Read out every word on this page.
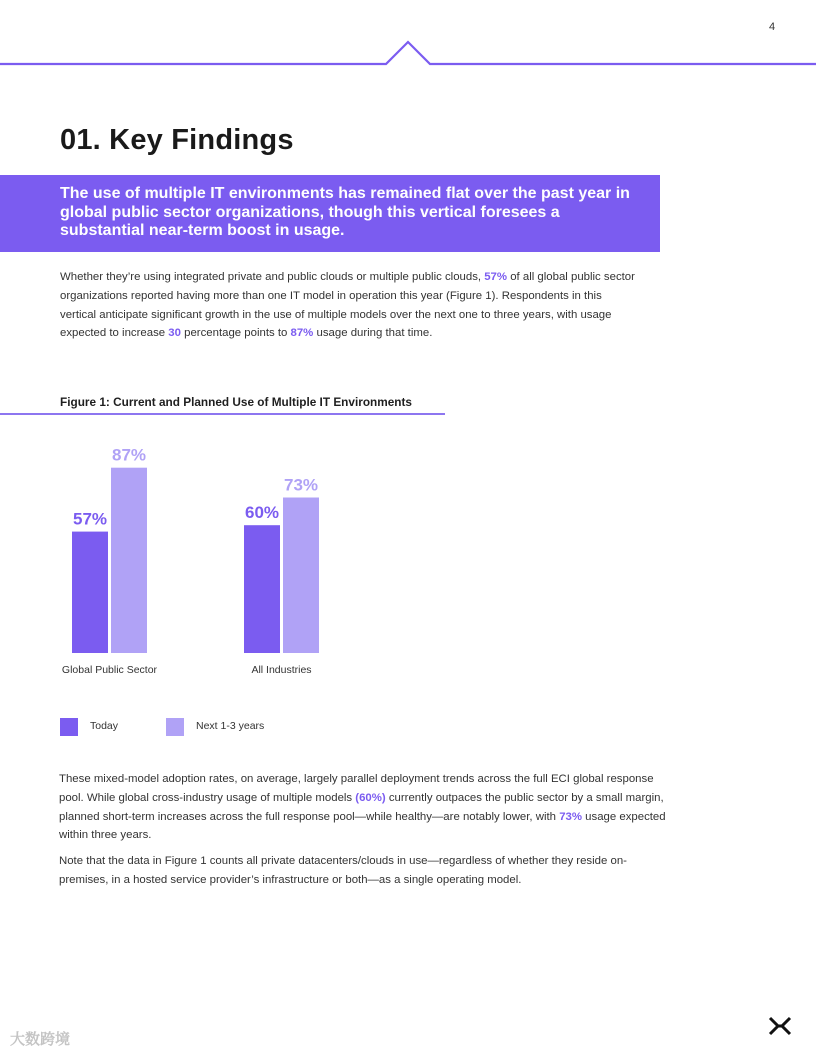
4
01. Key Findings
The use of multiple IT environments has remained flat over the past year in global public sector organizations, though this vertical foresees a substantial near-term boost in usage.

Whether they’re using integrated private and public clouds or multiple public clouds, 57% of all global public sector organizations reported having more than one IT model in operation this year (Figure 1). Respondents in this vertical anticipate significant growth in the use of multiple models over the next one to three years, with usage expected to increase 30 percentage points to 87% usage during that time.

Figure 1: Current and Planned Use of Multiple IT Environments
57%
87%
Global Public Sector
60%
73%
All Industries
Today	Next 1-3 years

These mixed-model adoption rates, on average, largely parallel deployment trends across the full ECI global response pool. While global cross-industry usage of multiple models (60%) currently outpaces the public sector by a small margin, planned short-term increases across the full response pool—while healthy—are notably lower, with 73% usage expected within three years.

Note that the data in Figure 1 counts all private datacenters/clouds in use—regardless of whether they reside on-premises, in a hosted service provider’s infrastructure or both—as a single operating model.

大数跨境
